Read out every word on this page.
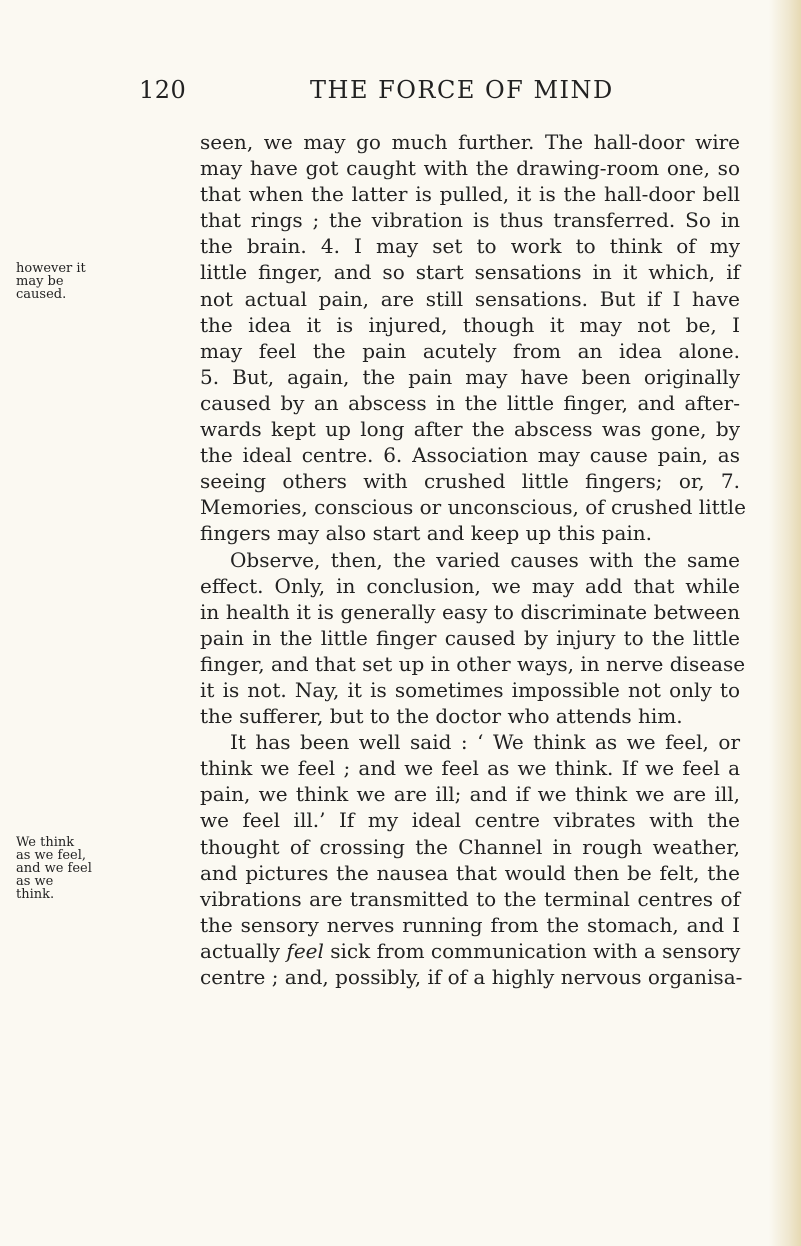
120	THE FORCE OF MIND
however it
may be
caused.
We think
as we feel,
and we feel
as we
think.
seen, we may go much further. The hall-door wire
may have got caught with the drawing-room one, so
that when the latter is pulled, it is the hall-door bell
that rings ; the vibration is thus transferred. So in
the brain. 4. I may set to work to think of my
little finger, and so start sensations in it which, if
not actual pain, are still sensations. But if I have
the idea it is injured, though it may not be, I
may feel the pain acutely from an idea alone.
5. But, again, the pain may have been originally
caused by an abscess in the little finger, and after-
wards kept up long after the abscess was gone, by
the ideal centre. 6. Association may cause pain, as
seeing others with crushed little fingers; or, 7.
Memories, conscious or unconscious, of crushed little
fingers may also start and keep up this pain.
Observe, then, the varied causes with the same
effect. Only, in conclusion, we may add that while
in health it is generally easy to discriminate between
pain in the little finger caused by injury to the little
finger, and that set up in other ways, in nerve disease
it is not. Nay, it is sometimes impossible not only to
the sufferer, but to the doctor who attends him.
It has been well said : ‘ We think as we feel, or
think we feel ; and we feel as we think. If we feel a
pain, we think we are ill; and if we think we are ill,
we feel ill.’ If my ideal centre vibrates with the
thought of crossing the Channel in rough weather,
and pictures the nausea that would then be felt, the
vibrations are transmitted to the terminal centres of
the sensory nerves running from the stomach, and I
actually feel sick from communication with a sensory
centre ; and, possibly, if of a highly nervous organisa-
